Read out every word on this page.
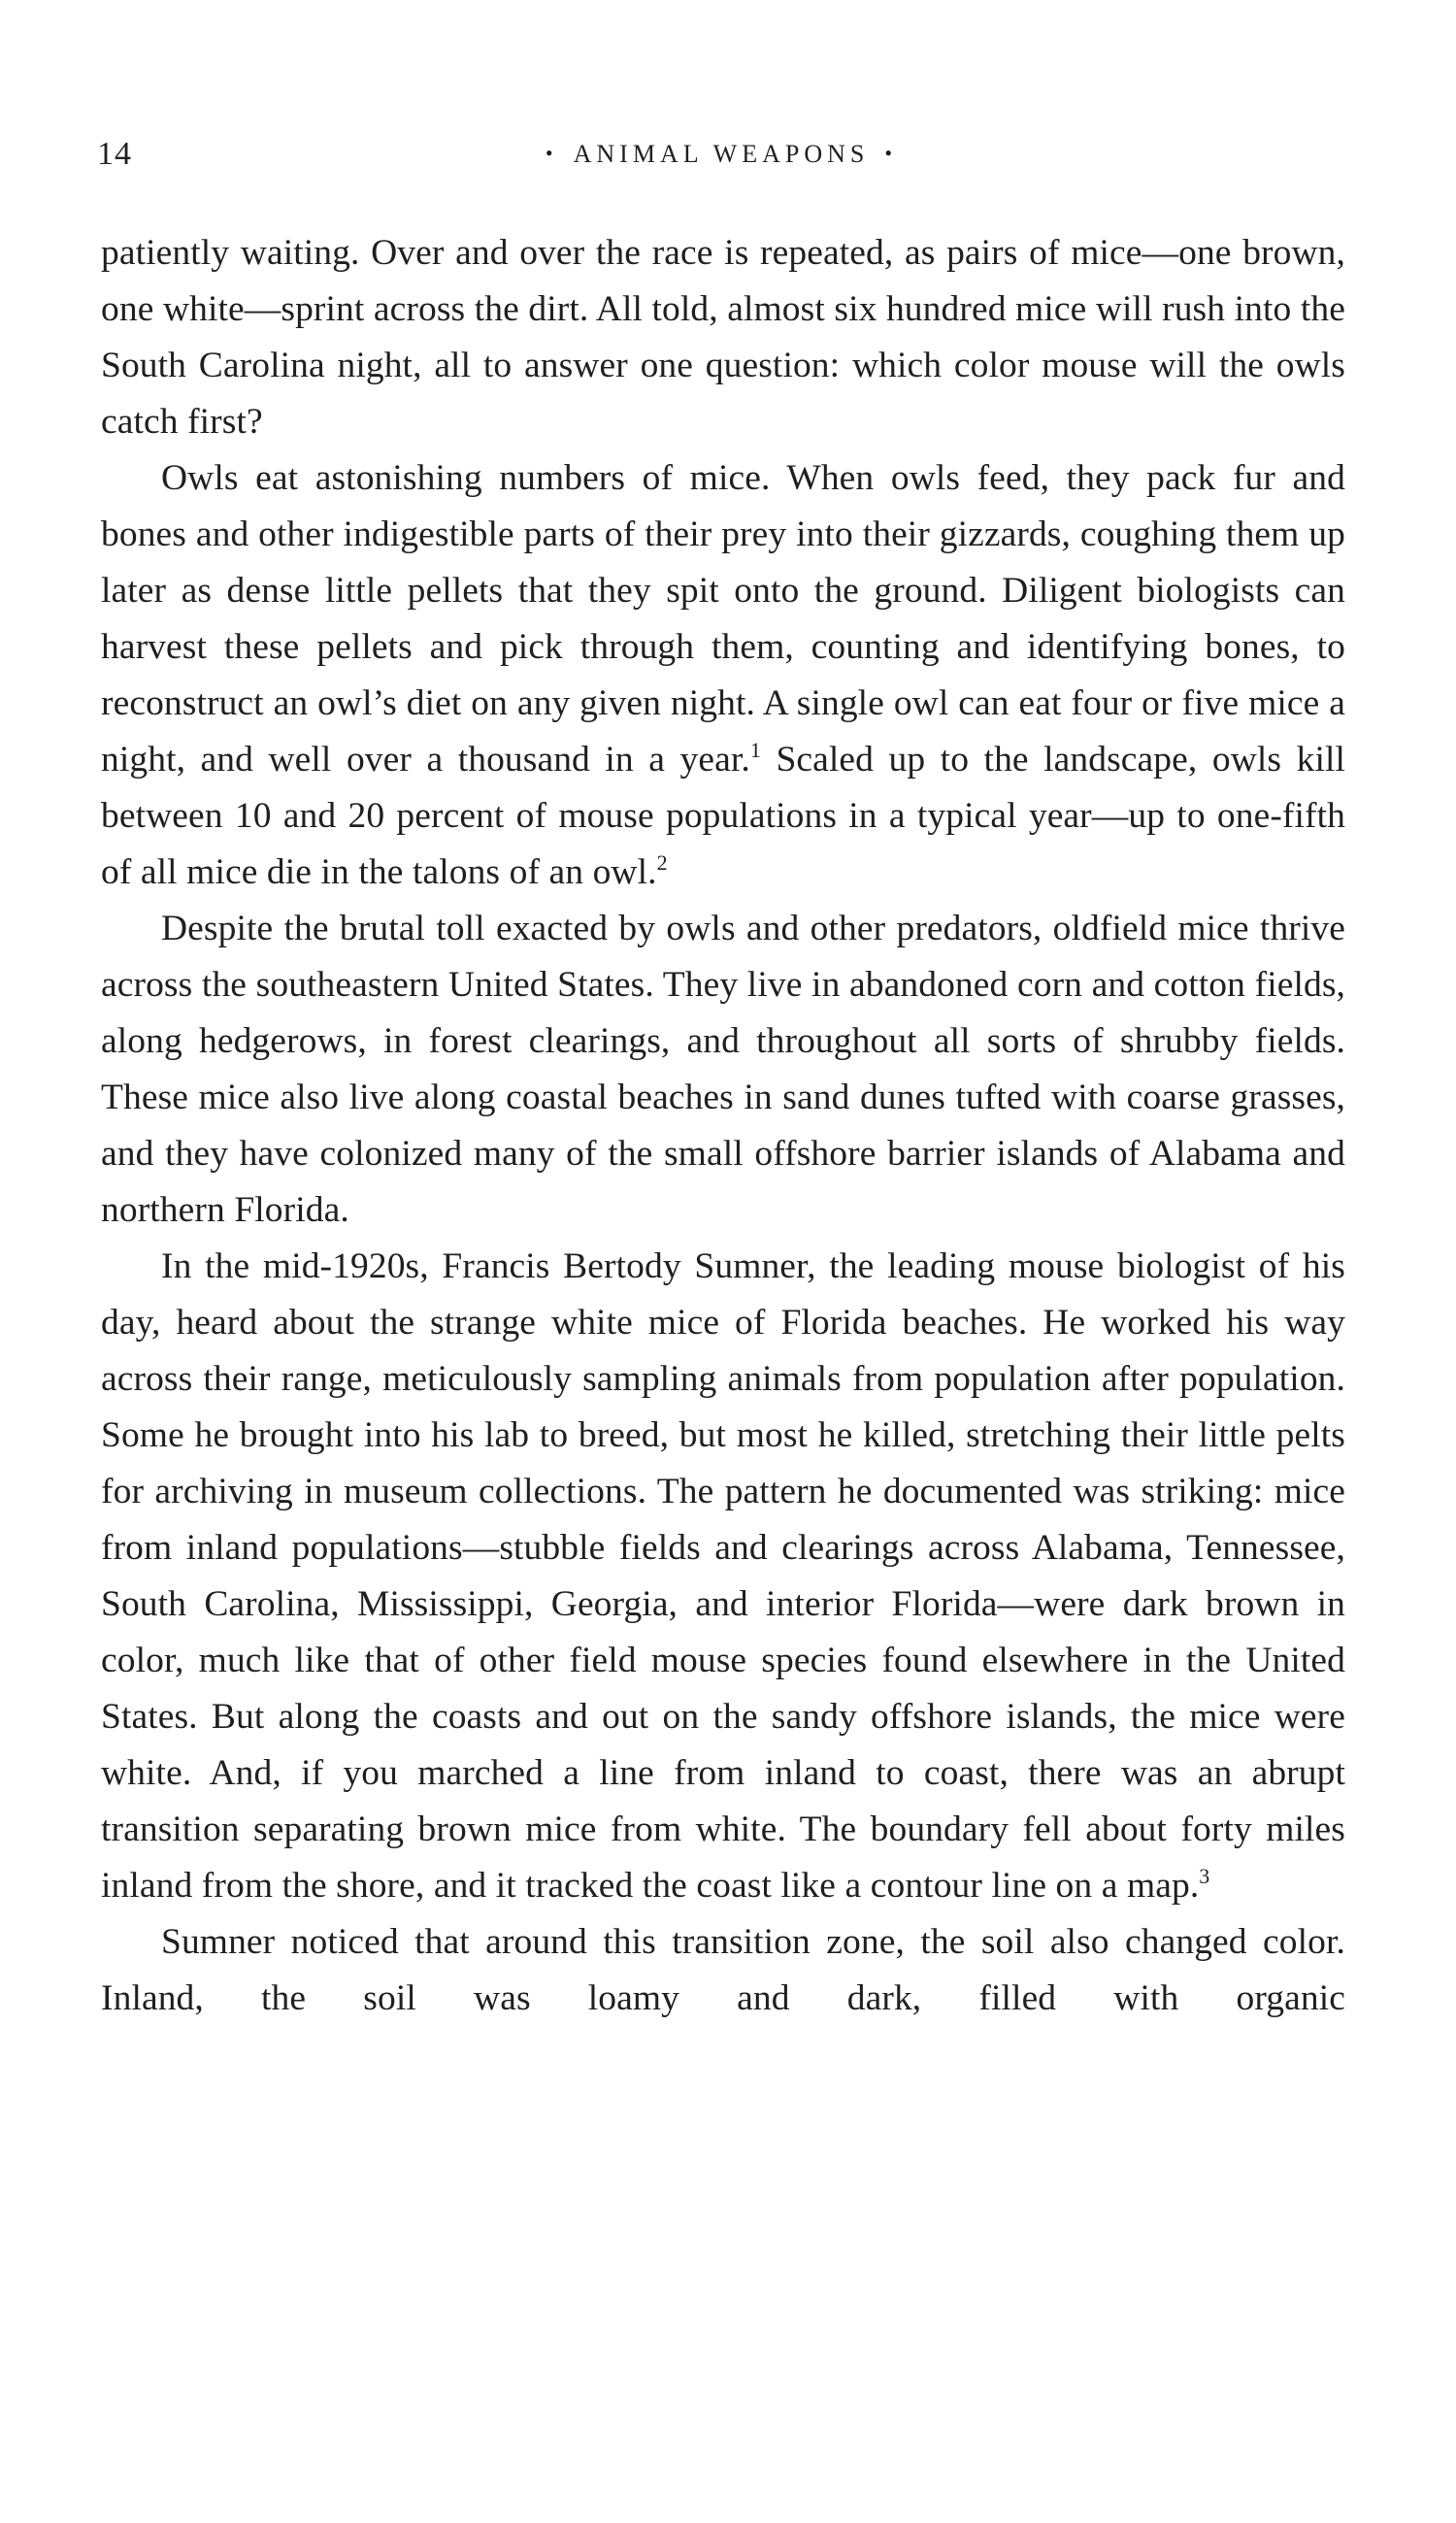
14	• ANIMAL WEAPONS •

patiently waiting. Over and over the race is repeated, as pairs of mice—one brown, one white—sprint across the dirt. All told, almost six hundred mice will rush into the South Carolina night, all to answer one question: which color mouse will the owls catch first?

Owls eat astonishing numbers of mice. When owls feed, they pack fur and bones and other indigestible parts of their prey into their gizzards, coughing them up later as dense little pellets that they spit onto the ground. Diligent biologists can harvest these pellets and pick through them, counting and identifying bones, to reconstruct an owl’s diet on any given night. A single owl can eat four or five mice a night, and well over a thousand in a year.$^1$ Scaled up to the landscape, owls kill between 10 and 20 percent of mouse populations in a typical year—up to one-fifth of all mice die in the talons of an owl.$^2$

Despite the brutal toll exacted by owls and other predators, oldfield mice thrive across the southeastern United States. They live in abandoned corn and cotton fields, along hedgerows, in forest clearings, and throughout all sorts of shrubby fields. These mice also live along coastal beaches in sand dunes tufted with coarse grasses, and they have colonized many of the small offshore barrier islands of Alabama and northern Florida.

In the mid-1920s, Francis Bertody Sumner, the leading mouse biologist of his day, heard about the strange white mice of Florida beaches. He worked his way across their range, meticulously sampling animals from population after population. Some he brought into his lab to breed, but most he killed, stretching their little pelts for archiving in museum collections. The pattern he documented was striking: mice from inland populations—stubble fields and clearings across Alabama, Tennessee, South Carolina, Mississippi, Georgia, and interior Florida—were dark brown in color, much like that of other field mouse species found elsewhere in the United States. But along the coasts and out on the sandy offshore islands, the mice were white. And, if you marched a line from inland to coast, there was an abrupt transition separating brown mice from white. The boundary fell about forty miles inland from the shore, and it tracked the coast like a contour line on a map.$^3$

Sumner noticed that around this transition zone, the soil also changed color. Inland, the soil was loamy and dark, filled with organic
